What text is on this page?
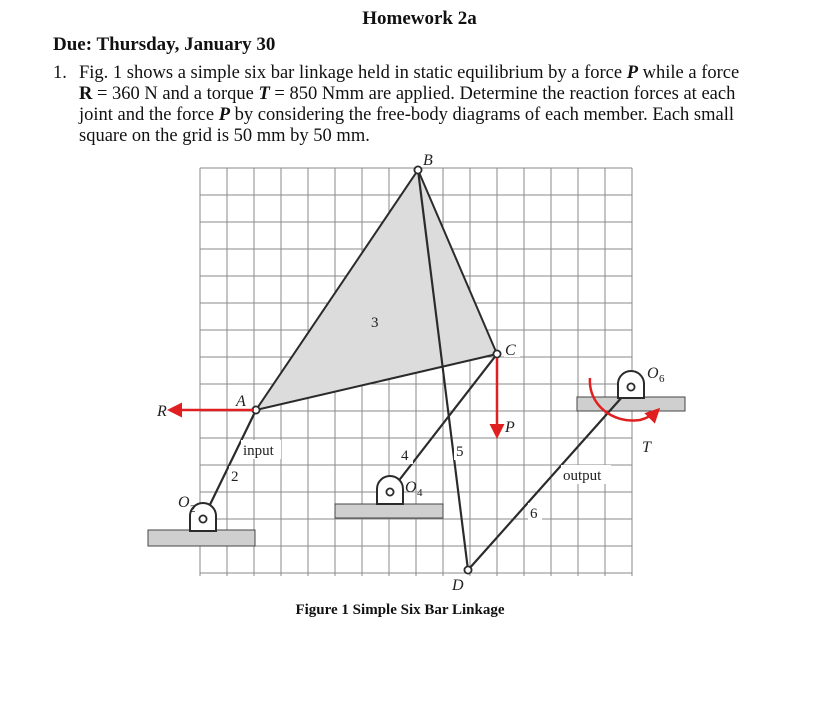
Homework 2a
Due: Thursday, January 30
1. Fig. 1 shows a simple six bar linkage held in static equilibrium by a force P while a force R = 360 N and a torque T = 850 Nmm are applied. Determine the reaction forces at each joint and the force P by considering the free-body diagrams of each member. Each small square on the grid is 50 mm by 50 mm.
B
C
A
D
R
P
T
O 2
O 4
O 6
2
3
4	5
6
input
output
Figure 1 Simple Six Bar Linkage
